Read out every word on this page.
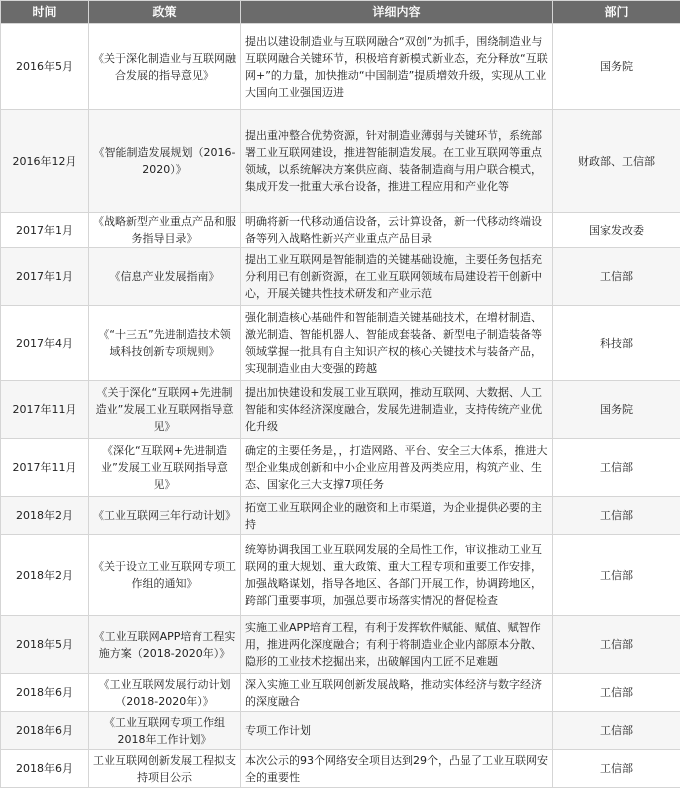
时间	政策	详细内容	部门
2016年5月	《关于深化制造业与互联网融合发展的指导意见》	提出以建设制造业与互联网融合“双创”为抓手，围绕制造业与互联网融合关键环节，积极培育新模式新业态，充分释放“互联网+”的力量，加快推动“中国制造”提质增效升级，实现从工业大国向工业强国迈进	国务院
2016年12月	《智能制造发展规划（2016-2020）》	提出重冲整合优势资源，针对制造业薄弱与关键环节，系统部署工业互联网建设，推进智能制造发展。在工业互联网等重点领域，以系统解决方案供应商、装备制造商与用户联合模式，集成开发一批重大承台设备，推进工程应用和产业化等	财政部、工信部
2017年1月	《战略新型产业重点产品和服务指导目录》	明确将新一代移动通信设备，云计算设备，新一代移动终端设备等列入战略性新兴产业重点产品目录	国家发改委
2017年1月	《信息产业发展指南》	提出工业互联网是智能制造的关键基础设施，主要任务包括充分利用已有创新资源，在工业互联网领域布局建设若干创新中心，开展关键共性技术研发和产业示范	工信部
2017年4月	《“十三五”先进制造技术领域科技创新专项规则》	强化制造核心基础件和智能制造关键基础技术，在增材制造、激光制造、智能机器人、智能成套装备、新型电子制造装备等领域掌握一批具有自主知识产权的核心关键技术与装备产品，实现制造业由大变强的跨越	科技部
2017年11月	《关于深化“互联网+先进制造业”发展工业互联网指导意见》	提出加快建设和发展工业互联网，推动互联网、大数据、人工智能和实体经济深度融合，发展先进制造业，支持传统产业优化升级	国务院
2017年11月	《深化“互联网+先进制造业”发展工业互联网指导意见》	确定的主要任务是，，打造网路、平台、安全三大体系，推进大型企业集成创新和中小企业应用普及两类应用，构筑产业、生态、国家化三大支撑7项任务	工信部
2018年2月	《工业互联网三年行动计划》	拓宽工业互联网企业的融资和上市渠道，为企业提供必要的主持	工信部
2018年2月	《关于设立工业互联网专项工作组的通知》	统筹协调我国工业互联网发展的全局性工作，审议推动工业互联网的重大规划、重大政策、重大工程专项和重要工作安排，加强战略谋划，指导各地区、各部门开展工作，协调跨地区，跨部门重要事项，加强总要市场落实情况的督促检查	工信部
2018年5月	《工业互联网APP培育工程实施方案（2018-2020年）》	实施工业APP培育工程，有利于发挥软件赋能、赋值、赋智作用，推进两化深度融合；有利于将制造业企业内部原本分散、隐形的工业技术挖掘出来，出破解国内工匠不足难题	工信部
2018年6月	《工业互联网发展行动计划（2018-2020年）》	深入实施工业互联网创新发展战略，推动实体经济与数字经济的深度融合	工信部
2018年6月	《工业互联网专项工作组2018年工作计划》	专项工作计划	工信部
2018年6月	工业互联网创新发展工程拟支持项目公示	本次公示的93个网络安全项目达到29个，凸显了工业互联网安全的重要性	工信部
